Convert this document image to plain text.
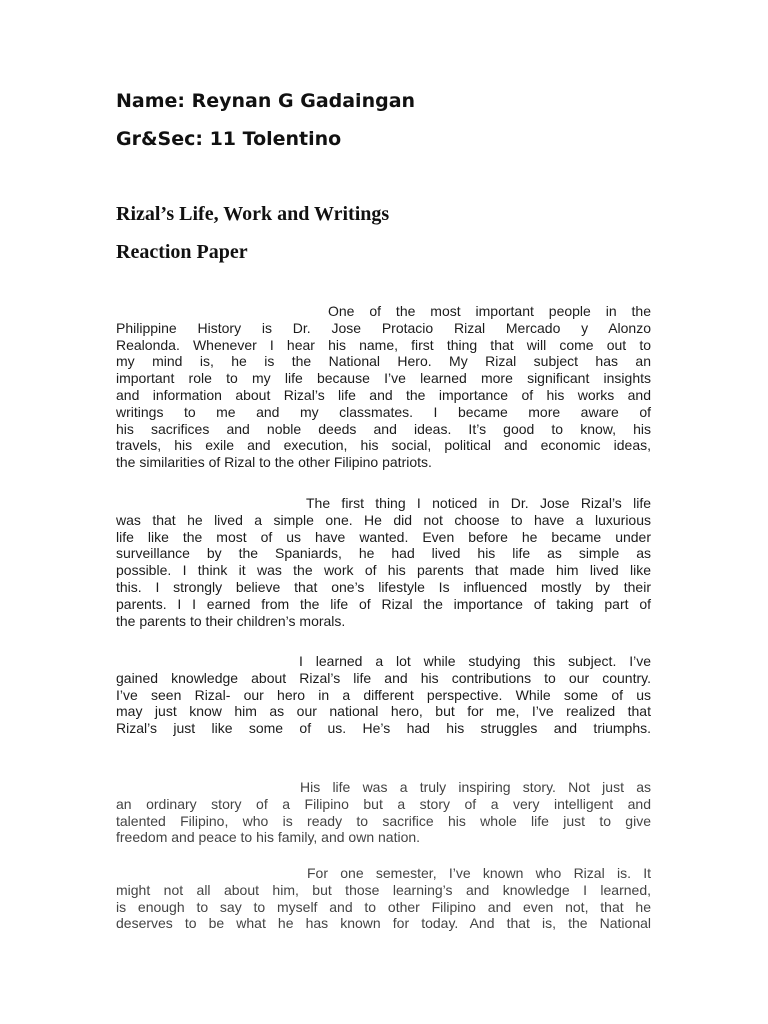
Name: Reynan G Gadaingan
Gr&Sec: 11 Tolentino
Rizal’s Life, Work and Writings
Reaction Paper
One of the most important people in the
Philippine History is Dr. Jose Protacio Rizal Mercado y Alonzo
Realonda. Whenever I hear his name, first thing that will come out to
my mind is, he is the National Hero. My Rizal subject has an
important role to my life because I’ve learned more significant insights
and information about Rizal’s life and the importance of his works and
writings to me and my classmates. I became more aware of
his sacrifices and noble deeds and ideas. It’s good to know, his
travels, his exile and execution, his social, political and economic ideas,
the similarities of Rizal to the other Filipino patriots.
The first thing I noticed in Dr. Jose Rizal’s life
was that he lived a simple one. He did not choose to have a luxurious
life like the most of us have wanted. Even before he became under
surveillance by the Spaniards, he had lived his life as simple as
possible. I think it was the work of his parents that made him lived like
this. I strongly believe that one’s lifestyle Is influenced mostly by their
parents. I I earned from the life of Rizal the importance of taking part of
the parents to their children’s morals.
I learned a lot while studying this subject. I’ve
gained knowledge about Rizal’s life and his contributions to our country.
I’ve seen Rizal- our hero in a different perspective. While some of us
may just know him as our national hero, but for me, I’ve realized that
Rizal’s just like some of us. He’s had his struggles and triumphs.
His life was a truly inspiring story. Not just as
an ordinary story of a Filipino but a story of a very intelligent and
talented Filipino, who is ready to sacrifice his whole life just to give
freedom and peace to his family, and own nation.
For one semester, I’ve known who Rizal is. It
might not all about him, but those learning’s and knowledge I learned,
is enough to say to myself and to other Filipino and even not, that he
deserves to be what he has known for today. And that is, the National
